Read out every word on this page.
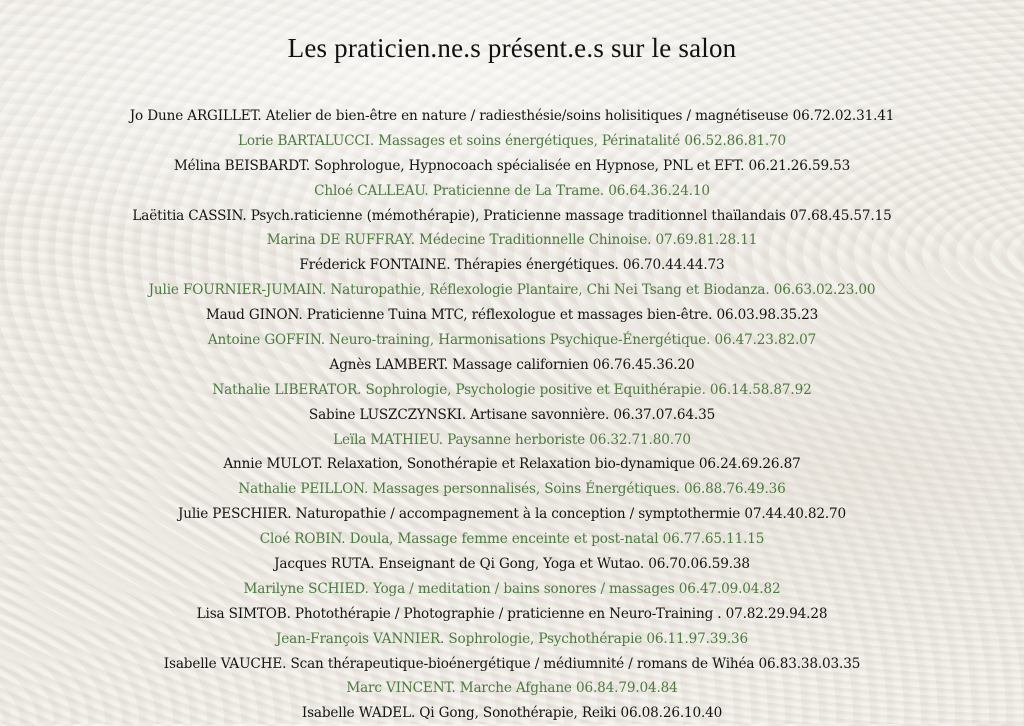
Les praticien.ne.s présent.e.s sur le salon
Jo Dune ARGILLET. Atelier de bien-être en nature / radiesthésie/soins holisitiques / magnétiseuse 06.72.02.31.41
Lorie BARTALUCCI. Massages et soins énergétiques, Périnatalité 06.52.86.81.70
Mélina BEISBARDT. Sophrologue, Hypnocoach spécialisée en Hypnose, PNL et EFT. 06.21.26.59.53
Chloé CALLEAU. Praticienne de La Trame. 06.64.36.24.10
Laëtitia CASSIN. Psych.raticienne (mémothérapie), Praticienne massage traditionnel thaïlandais 07.68.45.57.15
Marina DE RUFFRAY. Médecine Traditionnelle Chinoise. 07.69.81.28.11
Fréderick FONTAINE. Thérapies énergétiques. 06.70.44.44.73
Julie FOURNIER-JUMAIN. Naturopathie, Réflexologie Plantaire, Chi Nei Tsang et Biodanza. 06.63.02.23.00
Maud GINON. Praticienne Tuina MTC, réflexologue et massages bien-être. 06.03.98.35.23
Antoine GOFFIN. Neuro-training, Harmonisations Psychique-Énergétique. 06.47.23.82.07
Agnès LAMBERT. Massage californien 06.76.45.36.20
Nathalie LIBERATOR. Sophrologie, Psychologie positive et Equithérapie. 06.14.58.87.92
Sabine LUSZCZYNSKI. Artisane savonnière. 06.37.07.64.35
Leïla MATHIEU. Paysanne herboriste 06.32.71.80.70
Annie MULOT. Relaxation, Sonothérapie et Relaxation bio-dynamique 06.24.69.26.87
Nathalie PEILLON. Massages personnalisés, Soins Énergétiques. 06.88.76.49.36
Julie PESCHIER. Naturopathie / accompagnement à la conception / symptothermie 07.44.40.82.70
Cloé ROBIN. Doula, Massage femme enceinte et post-natal 06.77.65.11.15
Jacques RUTA. Enseignant de Qi Gong, Yoga et Wutao. 06.70.06.59.38
Marilyne SCHIED. Yoga / meditation / bains sonores / massages 06.47.09.04.82
Lisa SIMTOB. Photothérapie / Photographie / praticienne en Neuro-Training . 07.82.29.94.28
Jean-François VANNIER. Sophrologie, Psychothérapie 06.11.97.39.36
Isabelle VAUCHE. Scan thérapeutique-bioénergétique / médiumnité / romans de Wihéa 06.83.38.03.35
Marc VINCENT. Marche Afghane 06.84.79.04.84
Isabelle WADEL. Qi Gong, Sonothérapie, Reiki 06.08.26.10.40
